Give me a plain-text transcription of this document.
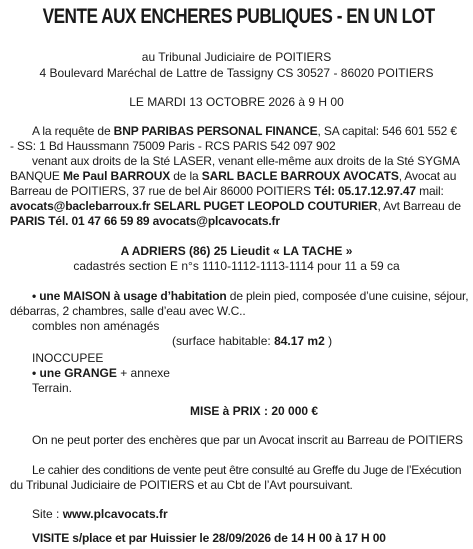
VENTE AUX ENCHERES PUBLIQUES - EN UN LOT
au Tribunal Judiciaire de POITIERS
4 Boulevard Maréchal de Lattre de Tassigny CS 30527 - 86020 POITIERS
LE MARDI 13 OCTOBRE 2026 à 9 H 00
A la requête de BNP PARIBAS PERSONAL FINANCE, SA capital: 546 601 552 €
- SS: 1 Bd Haussmann 75009 Paris - RCS PARIS 542 097 902
venant aux droits de la Sté LASER, venant elle-même aux droits de la Sté SYGMA
BANQUE Me Paul BARROUX de la SARL BACLE BARROUX AVOCATS, Avocat au
Barreau de POITIERS, 37 rue de bel Air 86000 POITIERS Tél: 05.17.12.97.47 mail:
avocats@baclebarroux.fr SELARL PUGET LEOPOLD COUTURIER, Avt Barreau de
PARIS Tél. 01 47 66 59 89 avocats@plcavocats.fr
A ADRIERS (86) 25 Lieudit « LA TACHE »
cadastrés section E n°s 1110-1112-1113-1114 pour 11 a 59 ca
• une MAISON à usage d’habitation de plein pied, composée d’une cuisine, séjour,
débarras, 2 chambres, salle d’eau avec W.C..
combles non aménagés
(surface habitable: 84.17 m2 )
INOCCUPEE
• une GRANGE + annexe
Terrain.
MISE à PRIX : 20 000 €
On ne peut porter des enchères que par un Avocat inscrit au Barreau de POITIERS
Le cahier des conditions de vente peut être consulté au Greffe du Juge de l’Exécution
du Tribunal Judiciaire de POITIERS et au Cbt de l’Avt poursuivant.
Site : www.plcavocats.fr
VISITE s/place et par Huissier le 28/09/2026 de 14 H 00 à 17 H 00
